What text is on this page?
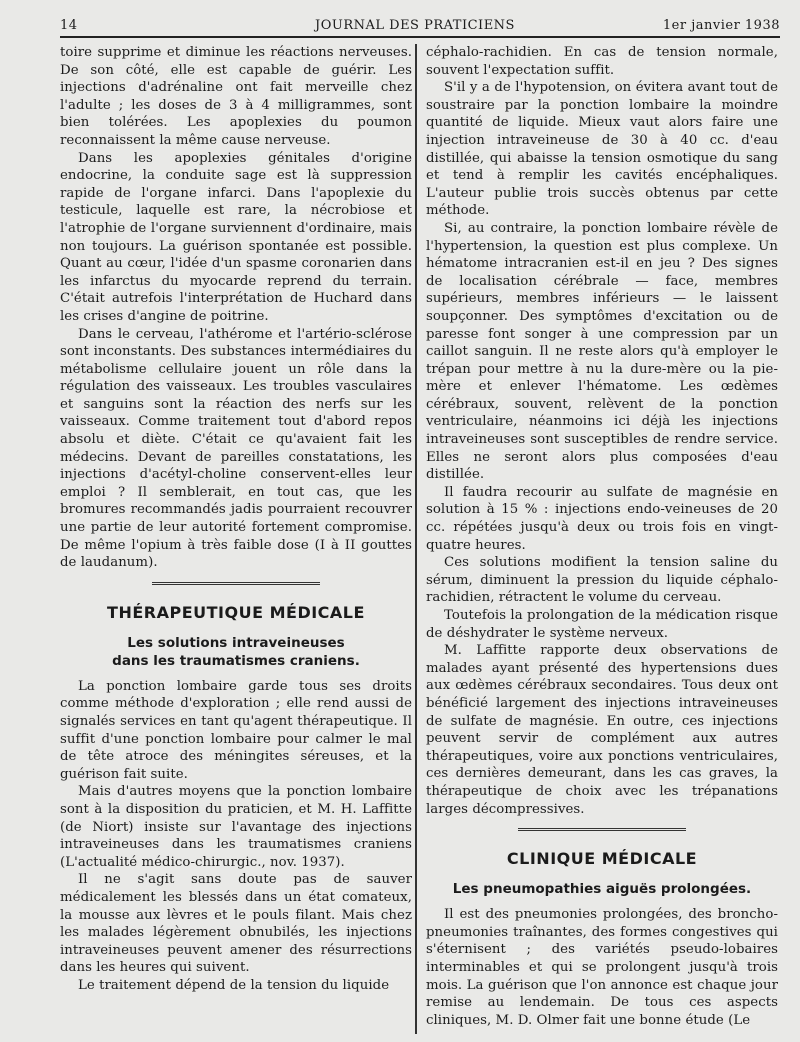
14	JOURNAL DES PRATICIENS	1er janvier 1938

toire supprime et diminue les réactions nerveuses. De son côté, elle est capable de guérir. Les injections d'adrénaline ont fait merveille chez l'adulte ; les doses de 3 à 4 milligrammes, sont bien tolérées. Les apoplexies du poumon reconnaissent la même cause nerveuse.

Dans les apoplexies génitales d'origine endocrine, la conduite sage est là suppression rapide de l'organe infarci. Dans l'apoplexie du testicule, laquelle est rare, la nécrobiose et l'atrophie de l'organe surviennent d'ordinaire, mais non toujours. La guérison spontanée est possible. Quant au cœur, l'idée d'un spasme coronarien dans les infarctus du myocarde reprend du terrain. C'était autrefois l'interprétation de Huchard dans les crises d'angine de poitrine.

Dans le cerveau, l'athérome et l'artério-sclérose sont inconstants. Des substances intermédiaires du métabolisme cellulaire jouent un rôle dans la régulation des vaisseaux. Les troubles vasculaires et sanguins sont la réaction des nerfs sur les vaisseaux. Comme traitement tout d'abord repos absolu et diète. C'était ce qu'avaient fait les médecins. Devant de pareilles constatations, les injections d'acétyl-choline conservent-elles leur emploi ? Il semblerait, en tout cas, que les bromures recommandés jadis pourraient recouvrer une partie de leur autorité fortement compromise. De même l'opium à très faible dose (I à II gouttes de laudanum).

THÉRAPEUTIQUE MÉDICALE
Les solutions intraveineuses
dans les traumatismes craniens.

La ponction lombaire garde tous ses droits comme méthode d'exploration ; elle rend aussi de signalés services en tant qu'agent thérapeutique. Il suffit d'une ponction lombaire pour calmer le mal de tête atroce des méningites séreuses, et la guérison fait suite.

Mais d'autres moyens que la ponction lombaire sont à la disposition du praticien, et M. H. Laffitte (de Niort) insiste sur l'avantage des injections intraveineuses dans les traumatismes craniens (L'actualité médico-chirurgic., nov. 1937).

Il ne s'agit sans doute pas de sauver médicalement les blessés dans un état comateux, la mousse aux lèvres et le pouls filant. Mais chez les malades légèrement obnubilés, les injections intraveineuses peuvent amener des résurrections dans les heures qui suivent.

Le traitement dépend de la tension du liquide

céphalo-rachidien. En cas de tension normale, souvent l'expectation suffit.

S'il y a de l'hypotension, on évitera avant tout de soustraire par la ponction lombaire la moindre quantité de liquide. Mieux vaut alors faire une injection intraveineuse de 30 à 40 cc. d'eau distillée, qui abaisse la tension osmotique du sang et tend à remplir les cavités encéphaliques. L'auteur publie trois succès obtenus par cette méthode.

Si, au contraire, la ponction lombaire révèle de l'hypertension, la question est plus complexe. Un hématome intracranien est-il en jeu ? Des signes de localisation cérébrale — face, membres supérieurs, membres inférieurs — le laissent soupçonner. Des symptômes d'excitation ou de paresse font songer à une compression par un caillot sanguin. Il ne reste alors qu'à employer le trépan pour mettre à nu la dure-mère ou la pie-mère et enlever l'hématome. Les œdèmes cérébraux, souvent, relèvent de la ponction ventriculaire, néanmoins ici déjà les injections intraveineuses sont susceptibles de rendre service. Elles ne seront alors plus composées d'eau distillée.

Il faudra recourir au sulfate de magnésie en solution à 15 % : injections endo-veineuses de 20 cc. répétées jusqu'à deux ou trois fois en vingt-quatre heures.

Ces solutions modifient la tension saline du sérum, diminuent la pression du liquide céphalo-rachidien, rétractent le volume du cerveau.

Toutefois la prolongation de la médication risque de déshydrater le système nerveux.

M. Laffitte rapporte deux observations de malades ayant présenté des hypertensions dues aux œdèmes cérébraux secondaires. Tous deux ont bénéficié largement des injections intraveineuses de sulfate de magnésie. En outre, ces injections peuvent servir de complément aux autres thérapeutiques, voire aux ponctions ventriculaires, ces dernières demeurant, dans les cas graves, la thérapeutique de choix avec les trépanations larges décompressives.

CLINIQUE MÉDICALE
Les pneumopathies aiguës prolongées.

Il est des pneumonies prolongées, des broncho-pneumonies traînantes, des formes congestives qui s'éternisent ; des variétés pseudo-lobaires interminables et qui se prolongent jusqu'à trois mois. La guérison que l'on annonce est chaque jour remise au lendemain. De tous ces aspects cliniques, M. D. Olmer fait une bonne étude (Le
